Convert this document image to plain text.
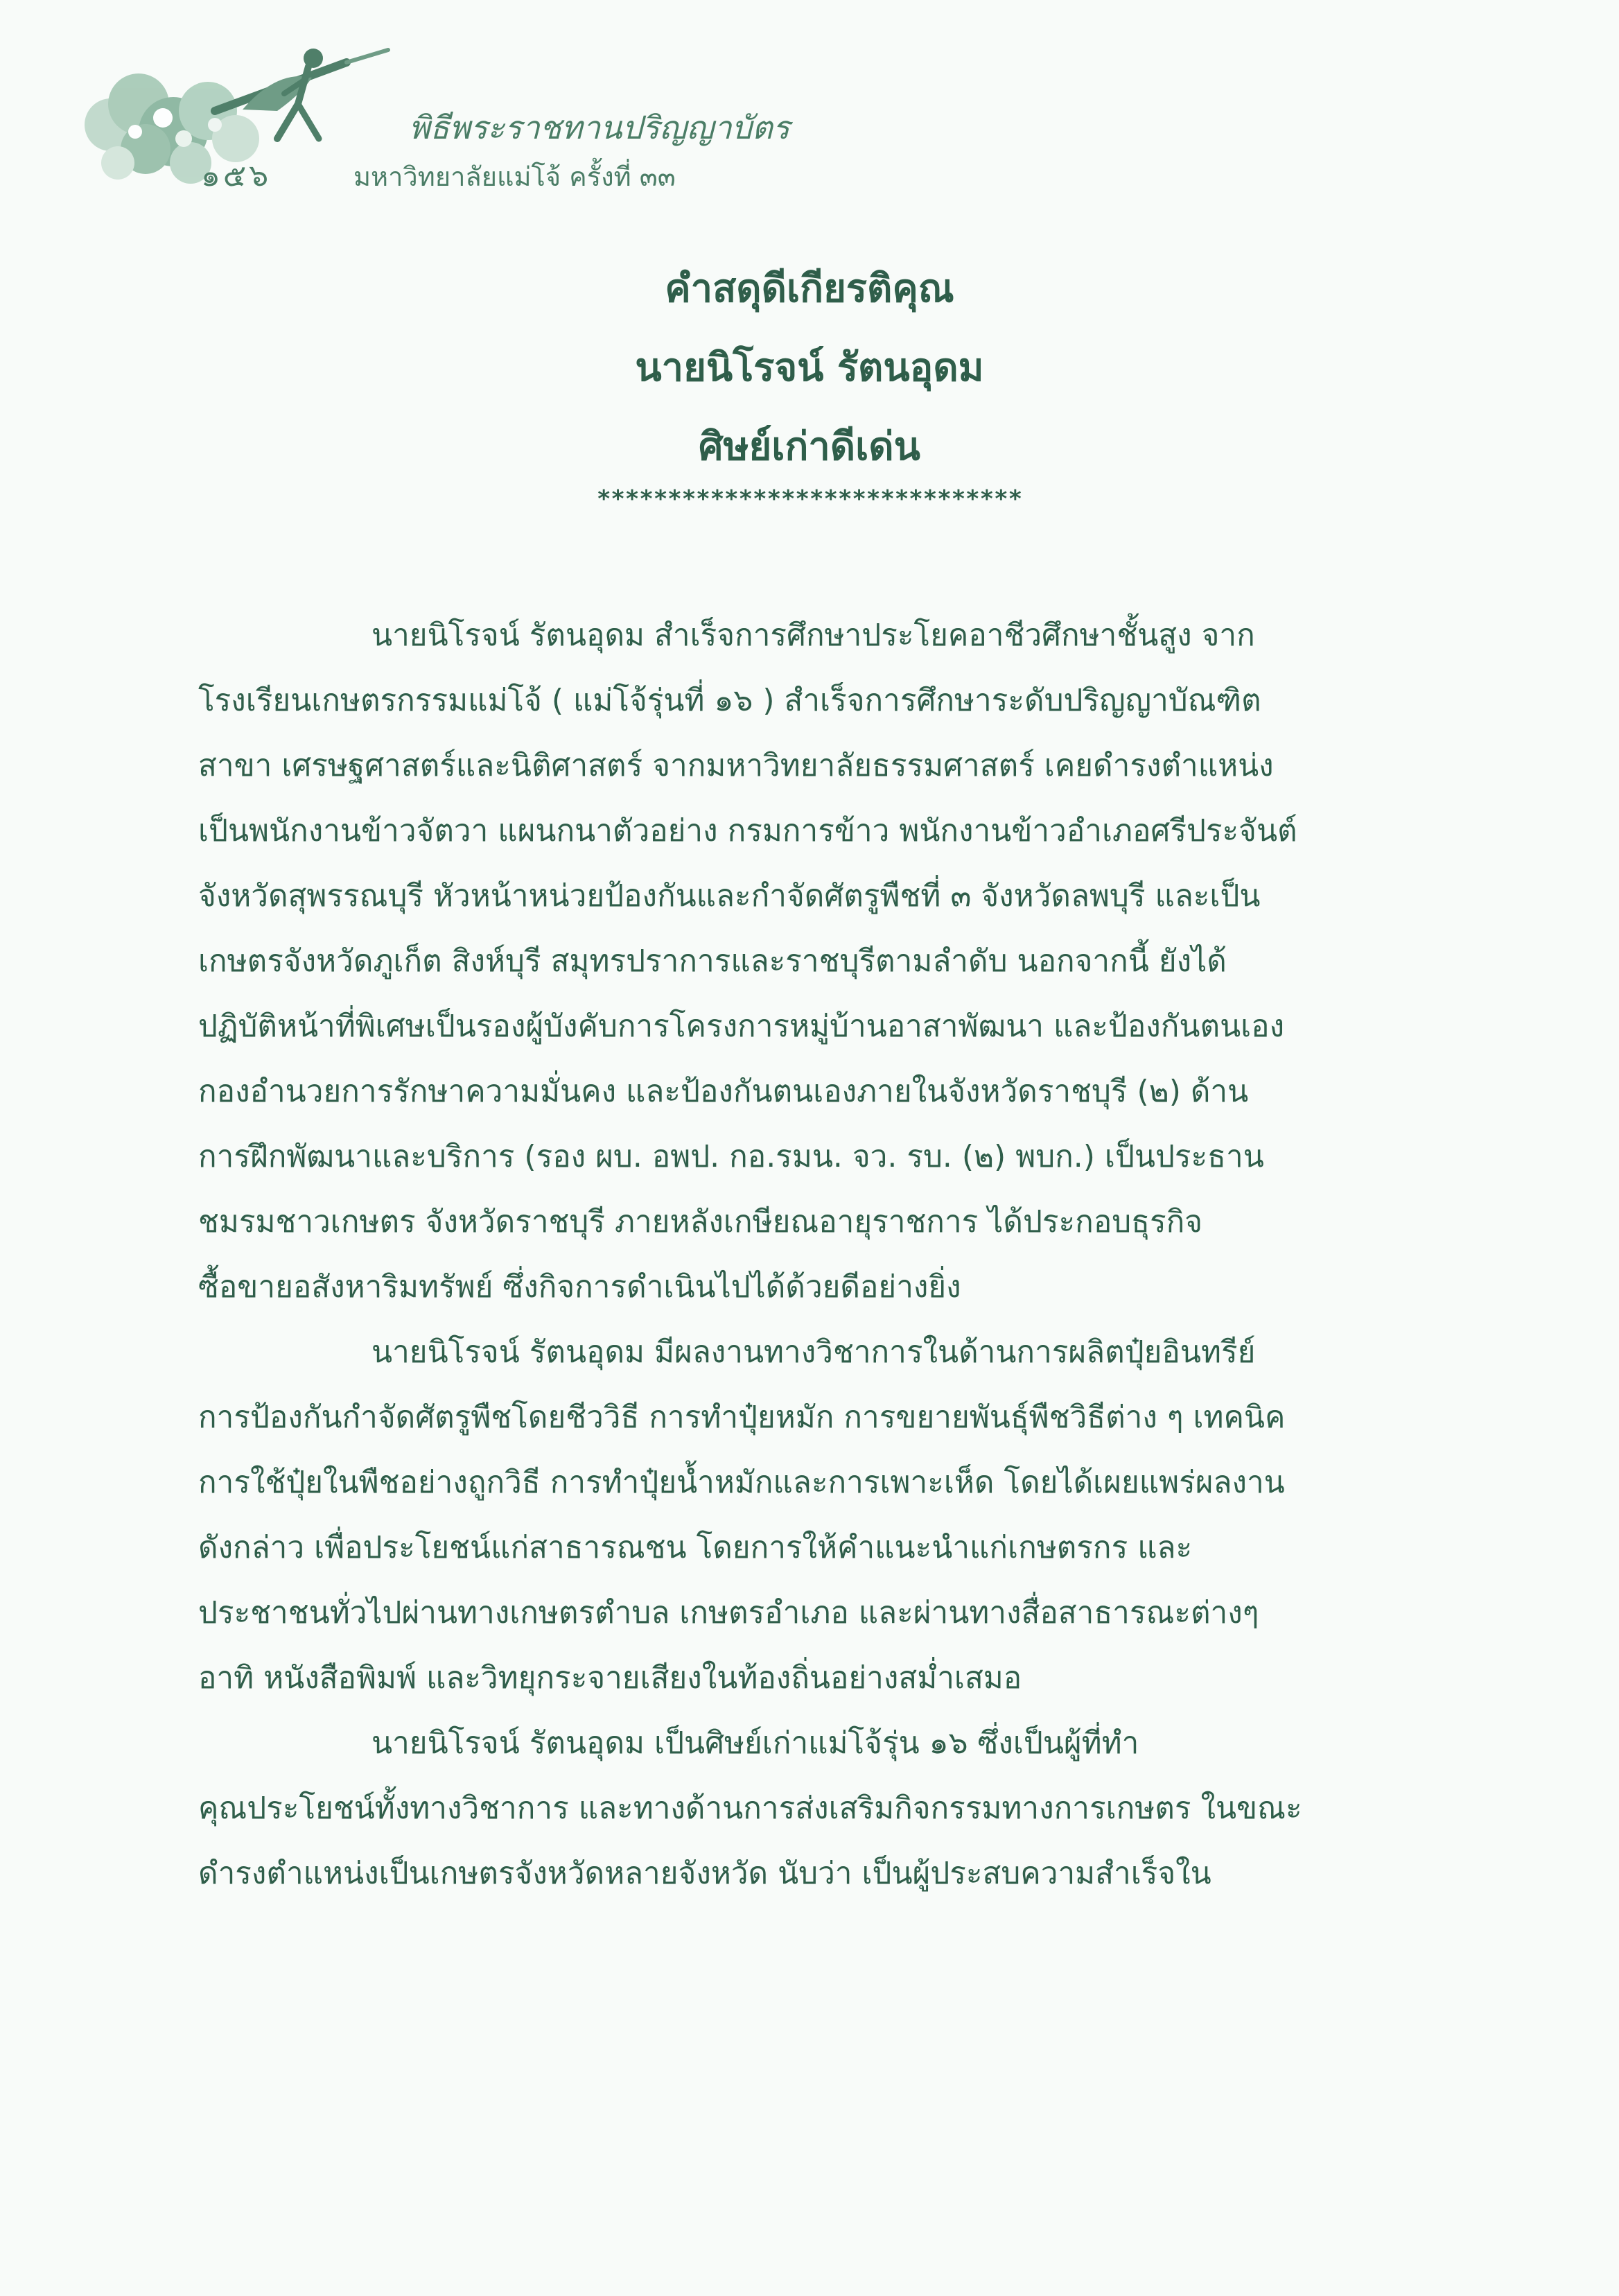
พิธีพระราชทานปริญญาบัตร
๑๕๖	มหาวิทยาลัยแม่โจ้ ครั้งที่ ๓๓
คำสดุดีเกียรติคุณ
นายนิโรจน์ รัตนอุดม
ศิษย์เก่าดีเด่น
******************************
นายนิโรจน์ รัตนอุดม สำเร็จการศึกษาประโยคอาชีวศึกษาชั้นสูง จาก
โรงเรียนเกษตรกรรมแม่โจ้ ( แม่โจ้รุ่นที่ ๑๖ ) สำเร็จการศึกษาระดับปริญญาบัณฑิต
สาขา เศรษฐศาสตร์และนิติศาสตร์ จากมหาวิทยาลัยธรรมศาสตร์ เคยดำรงตำแหน่ง
เป็นพนักงานข้าวจัตวา แผนกนาตัวอย่าง กรมการข้าว พนักงานข้าวอำเภอศรีประจันต์
จังหวัดสุพรรณบุรี หัวหน้าหน่วยป้องกันและกำจัดศัตรูพืชที่ ๓ จังหวัดลพบุรี และเป็น
เกษตรจังหวัดภูเก็ต สิงห์บุรี สมุทรปราการและราชบุรีตามลำดับ นอกจากนี้ ยังได้
ปฏิบัติหน้าที่พิเศษเป็นรองผู้บังคับการโครงการหมู่บ้านอาสาพัฒนา และป้องกันตนเอง
กองอำนวยการรักษาความมั่นคง และป้องกันตนเองภายในจังหวัดราชบุรี (๒) ด้าน
การฝึกพัฒนาและบริการ (รอง ผบ. อพป. กอ.รมน. จว. รบ. (๒) พบก.) เป็นประธาน
ชมรมชาวเกษตร จังหวัดราชบุรี ภายหลังเกษียณอายุราชการ ได้ประกอบธุรกิจ
ซื้อขายอสังหาริมทรัพย์ ซึ่งกิจการดำเนินไปได้ด้วยดีอย่างยิ่ง
นายนิโรจน์ รัตนอุดม มีผลงานทางวิชาการในด้านการผลิตปุ๋ยอินทรีย์
การป้องกันกำจัดศัตรูพืชโดยชีววิธี การทำปุ๋ยหมัก การขยายพันธุ์พืชวิธีต่าง ๆ เทคนิค
การใช้ปุ๋ยในพืชอย่างถูกวิธี การทำปุ๋ยน้ำหมักและการเพาะเห็ด โดยได้เผยแพร่ผลงาน
ดังกล่าว เพื่อประโยชน์แก่สาธารณชน โดยการให้คำแนะนำแก่เกษตรกร และ
ประชาชนทั่วไปผ่านทางเกษตรตำบล เกษตรอำเภอ และผ่านทางสื่อสาธารณะต่างๆ
อาทิ หนังสือพิมพ์ และวิทยุกระจายเสียงในท้องถิ่นอย่างสม่ำเสมอ
นายนิโรจน์ รัตนอุดม เป็นศิษย์เก่าแม่โจ้รุ่น ๑๖ ซึ่งเป็นผู้ที่ทำ
คุณประโยชน์ทั้งทางวิชาการ และทางด้านการส่งเสริมกิจกรรมทางการเกษตร ในขณะ
ดำรงตำแหน่งเป็นเกษตรจังหวัดหลายจังหวัด นับว่า เป็นผู้ประสบความสำเร็จใน
